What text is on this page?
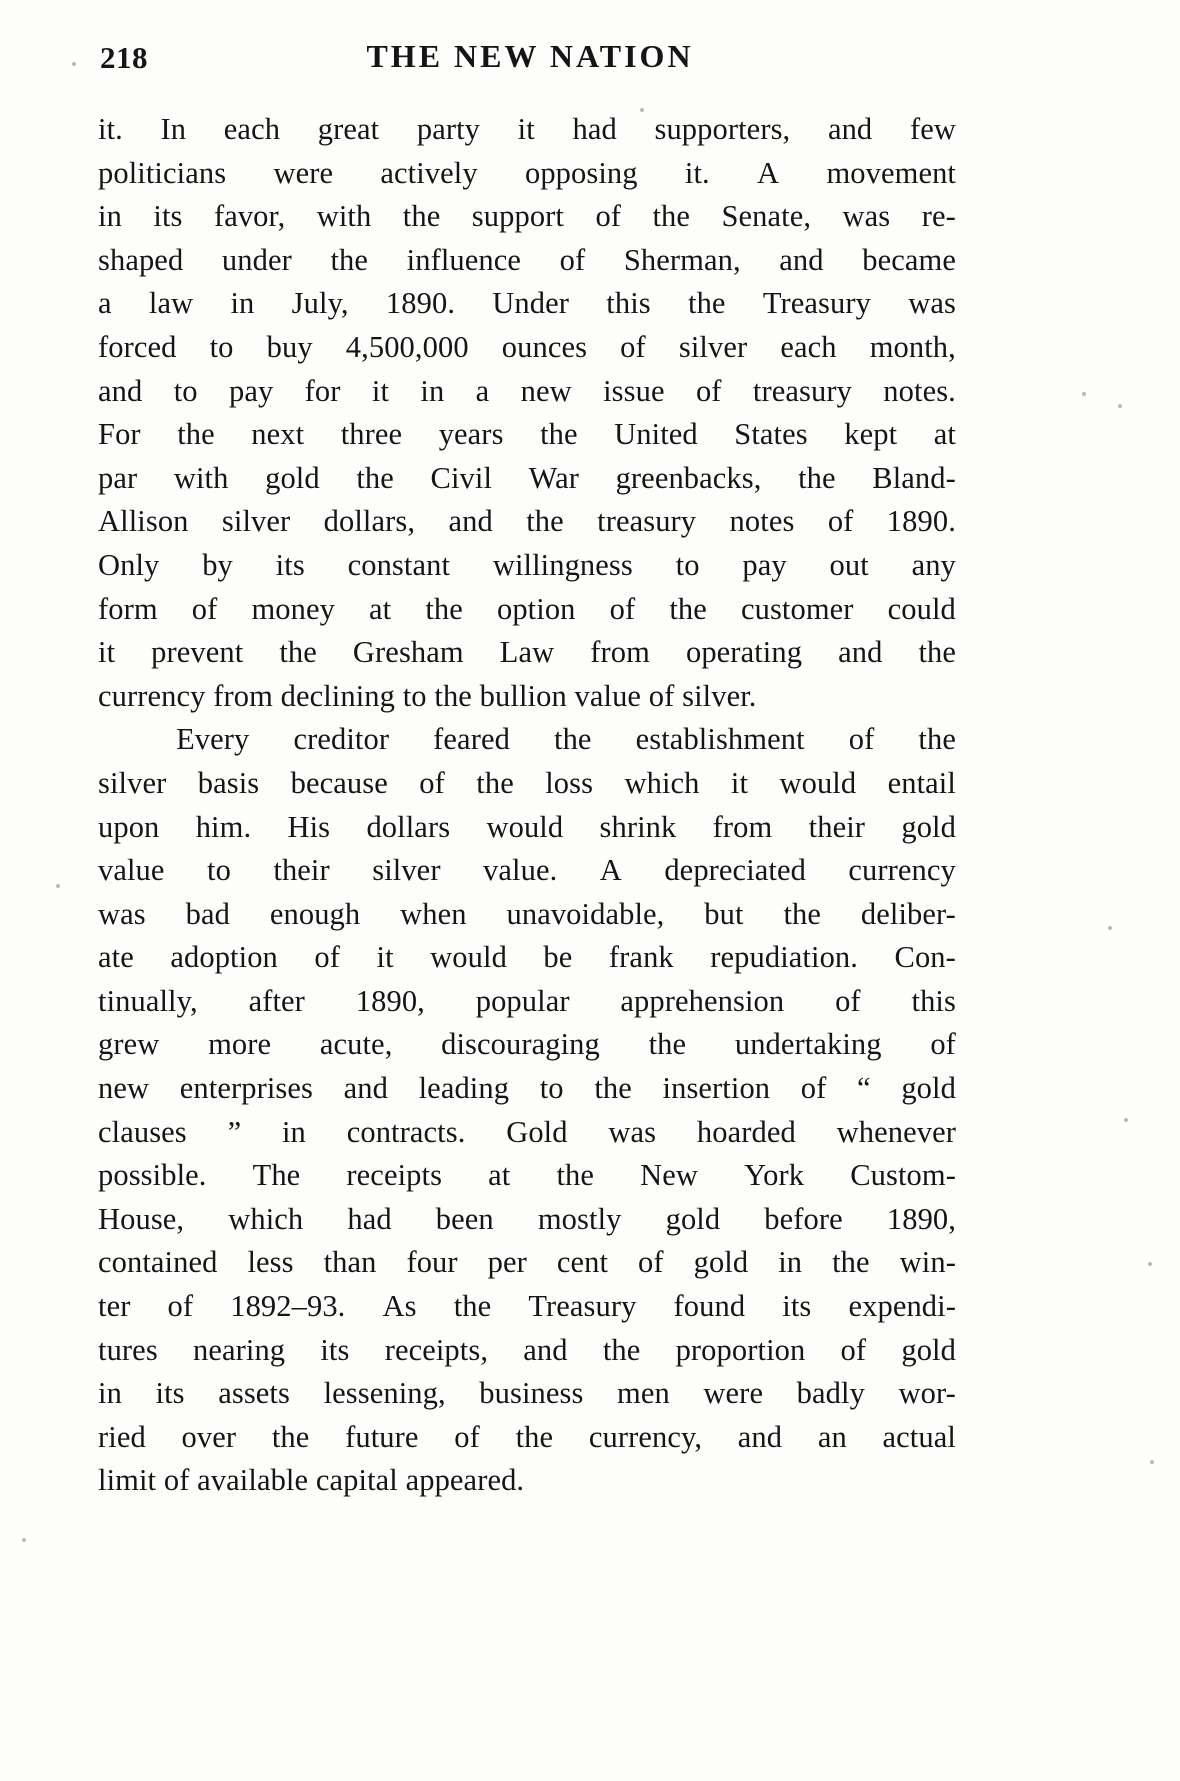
218	THE NEW NATION
it. In each great party it had supporters, and few
politicians were actively opposing it. A movement
in its favor, with the support of the Senate, was re-
shaped under the influence of Sherman, and became
a law in July, 1890. Under this the Treasury was
forced to buy 4,500,000 ounces of silver each month,
and to pay for it in a new issue of treasury notes.
For the next three years the United States kept at
par with gold the Civil War greenbacks, the Bland-
Allison silver dollars, and the treasury notes of 1890.
Only by its constant willingness to pay out any
form of money at the option of the customer could
it prevent the Gresham Law from operating and the
currency from declining to the bullion value of silver.
Every creditor feared the establishment of the
silver basis because of the loss which it would entail
upon him. His dollars would shrink from their gold
value to their silver value. A depreciated currency
was bad enough when unavoidable, but the deliber-
ate adoption of it would be frank repudiation. Con-
tinually, after 1890, popular apprehension of this
grew more acute, discouraging the undertaking of
new enterprises and leading to the insertion of “ gold
clauses ” in contracts. Gold was hoarded whenever
possible. The receipts at the New York Custom-
House, which had been mostly gold before 1890,
contained less than four per cent of gold in the win-
ter of 1892–93. As the Treasury found its expendi-
tures nearing its receipts, and the proportion of gold
in its assets lessening, business men were badly wor-
ried over the future of the currency, and an actual
limit of available capital appeared.
